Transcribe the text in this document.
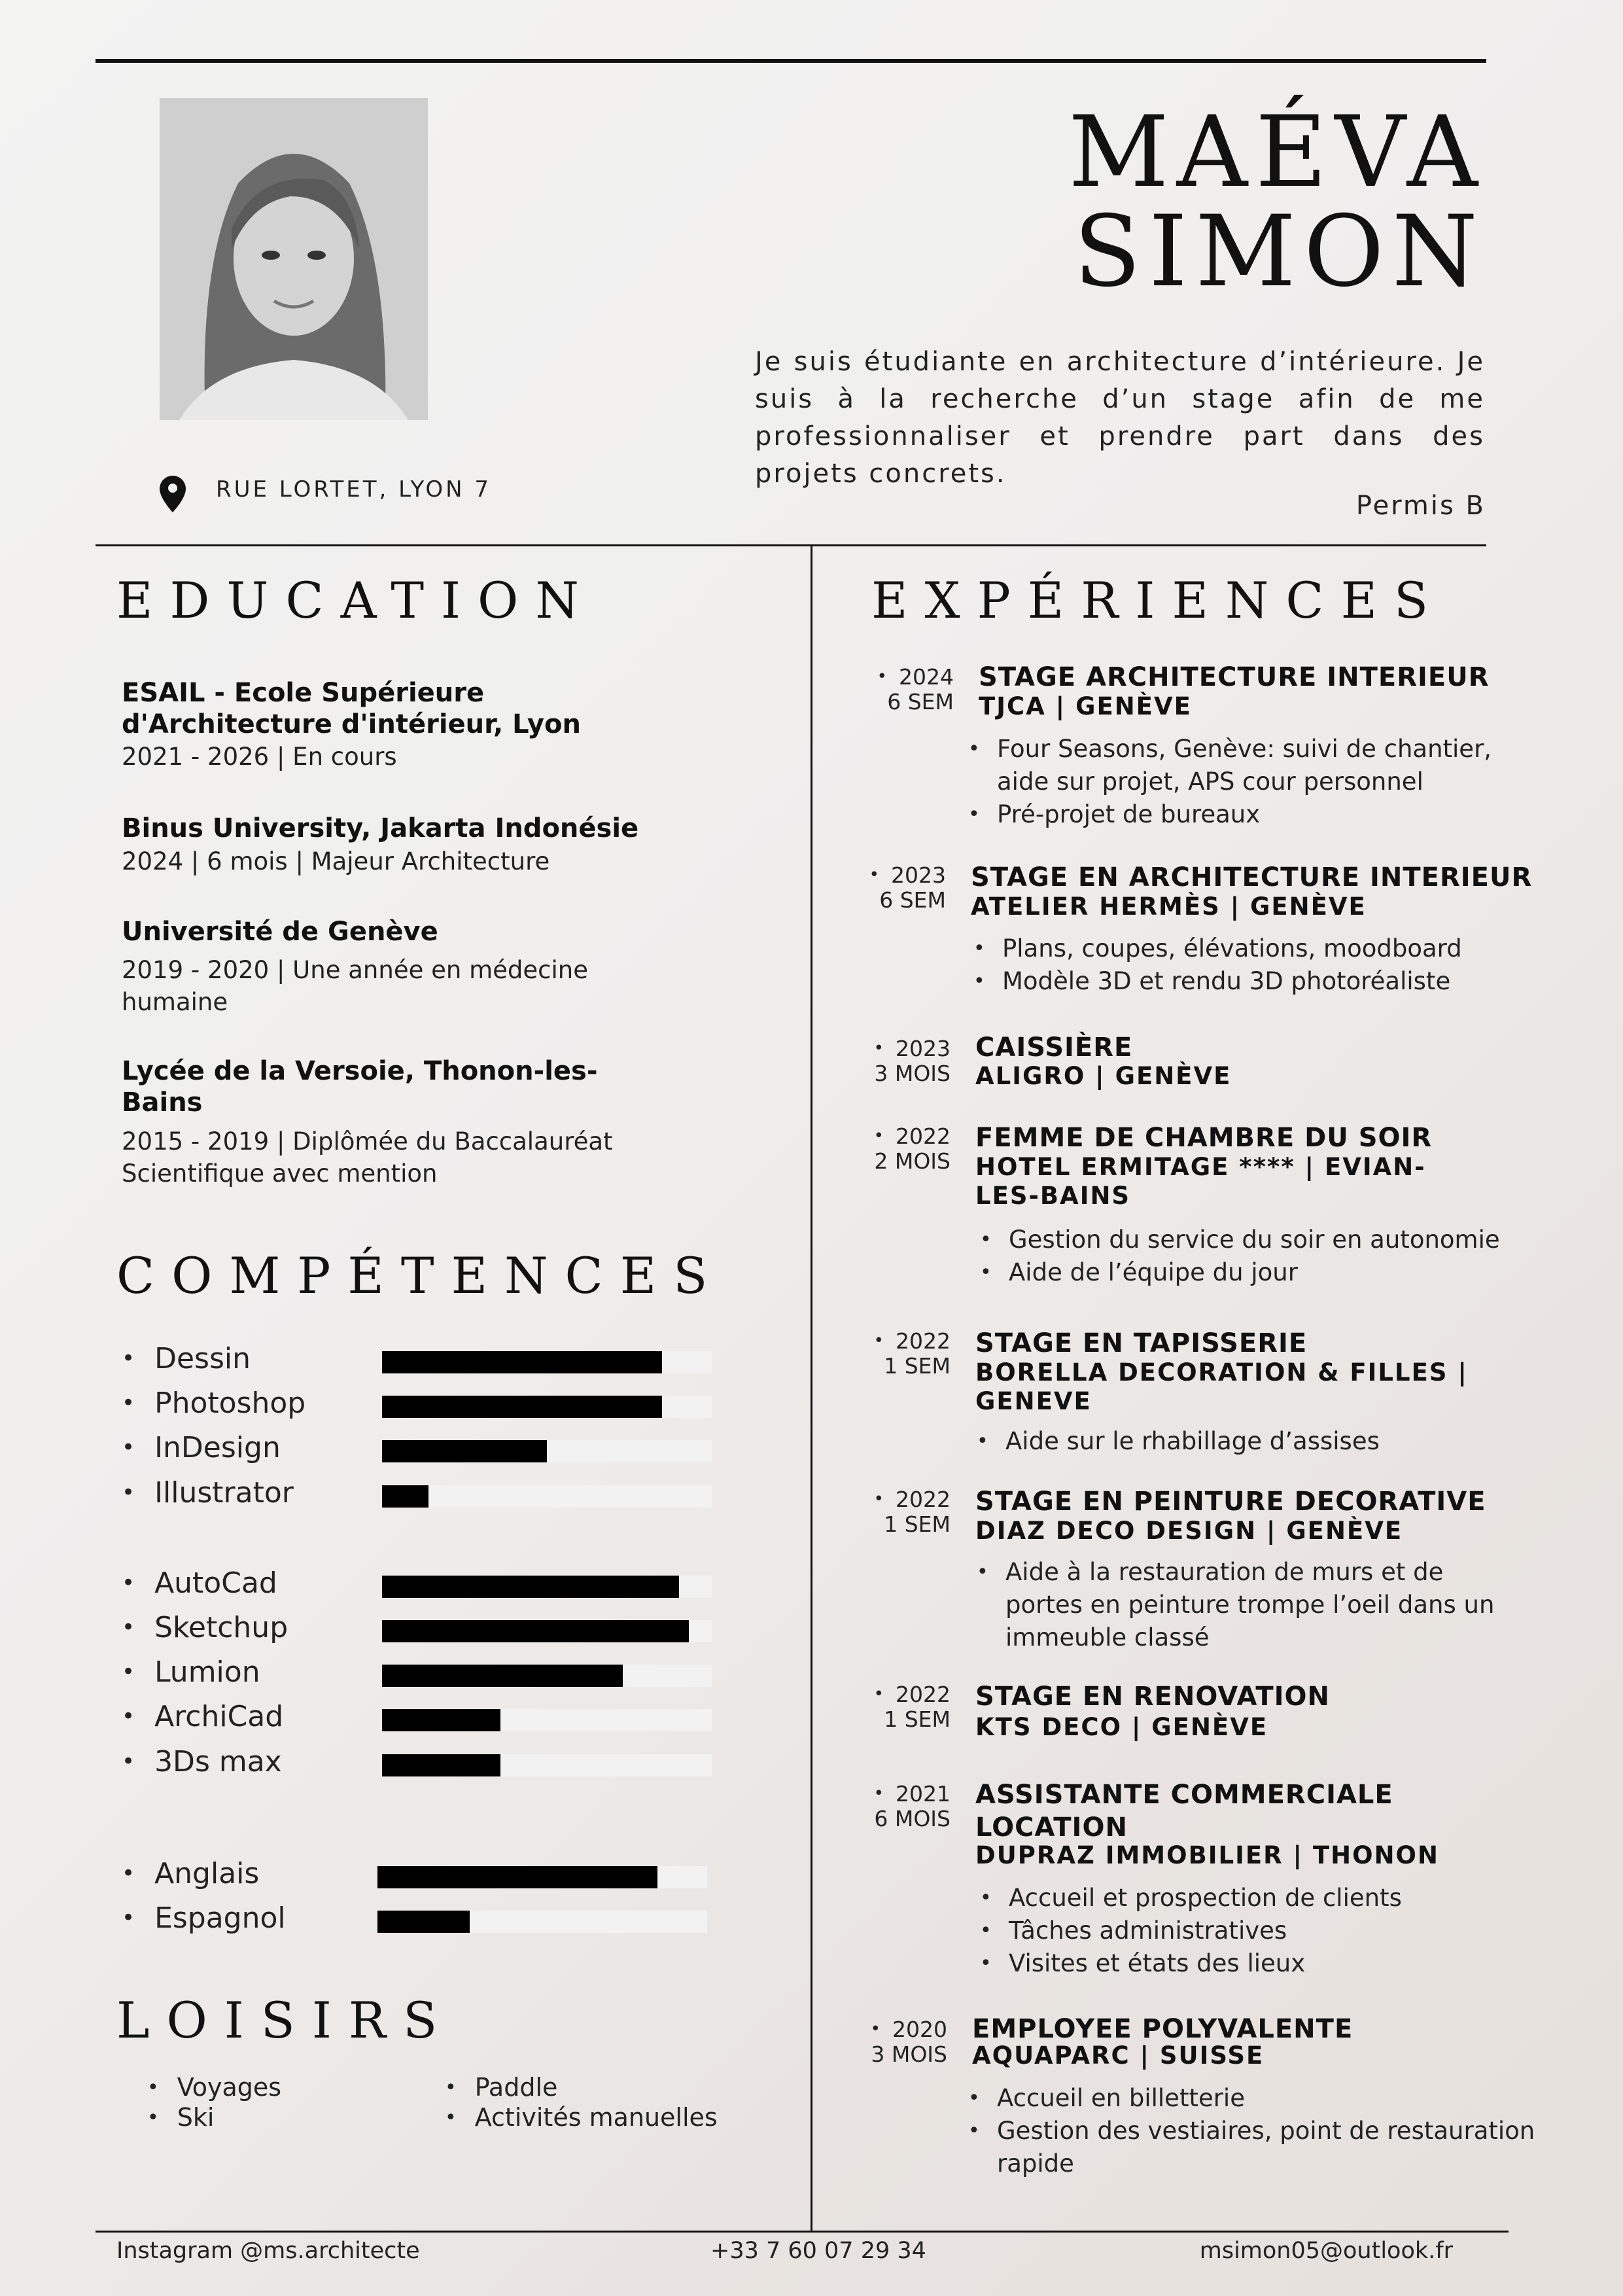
MAÉVA
SIMON
Je suis étudiante en architecture d’intérieure. Je suis à la recherche d’un stage afin de me professionnaliser et prendre part dans des projets concrets.
Permis B
RUE LORTET, LYON 7
EDUCATION
ESAIL - Ecole Supérieure d'Architecture d'intérieur, Lyon
2021 - 2026 | En cours
Binus University, Jakarta Indonésie
2024 | 6 mois | Majeur Architecture
Université de Genève
2019 - 2020 | Une année en médecine humaine
Lycée de la Versoie, Thonon-les-Bains
2015 - 2019 | Diplômée du Baccalauréat Scientifique avec mention
COMPÉTENCES
• Dessin
• Photoshop
• InDesign
• Illustrator
• AutoCad
• Sketchup
• Lumion
• ArchiCad
• 3Ds max
• Anglais
• Espagnol
LOISIRS
• Voyages
• Ski
• Paddle
• Activités manuelles
EXPÉRIENCES
• 2024
6 SEM
STAGE ARCHITECTURE INTERIEUR
TJCA | GENÈVE
• Four Seasons, Genève: suivi de chantier, aide sur projet, APS cour personnel
• Pré-projet de bureaux
• 2023
6 SEM
STAGE EN ARCHITECTURE INTERIEUR
ATELIER HERMÈS | GENÈVE
• Plans, coupes, élévations, moodboard
• Modèle 3D et rendu 3D photoréaliste
• 2023
3 MOIS
CAISSIÈRE
ALIGRO | GENÈVE
• 2022
2 MOIS
FEMME DE CHAMBRE DU SOIR
HOTEL ERMITAGE **** | EVIAN-LES-BAINS
• Gestion du service du soir en autonomie
• Aide de l’équipe du jour
• 2022
1 SEM
STAGE EN TAPISSERIE
BORELLA DECORATION & FILLES | GENEVE
• Aide sur le rhabillage d’assises
• 2022
1 SEM
STAGE EN PEINTURE DECORATIVE
DIAZ DECO DESIGN | GENÈVE
• Aide à la restauration de murs et de portes en peinture trompe l’oeil dans un immeuble classé
• 2022
1 SEM
STAGE EN RENOVATION
KTS DECO | GENÈVE
• 2021
6 MOIS
ASSISTANTE COMMERCIALE LOCATION
DUPRAZ IMMOBILIER | THONON
• Accueil et prospection de clients
• Tâches administratives
• Visites et états des lieux
• 2020
3 MOIS
EMPLOYEE POLYVALENTE
AQUAPARC | SUISSE
• Accueil en billetterie
• Gestion des vestiaires, point de restauration rapide
Instagram @ms.architecte	+33 7 60 07 29 34	msimon05@outlook.fr
